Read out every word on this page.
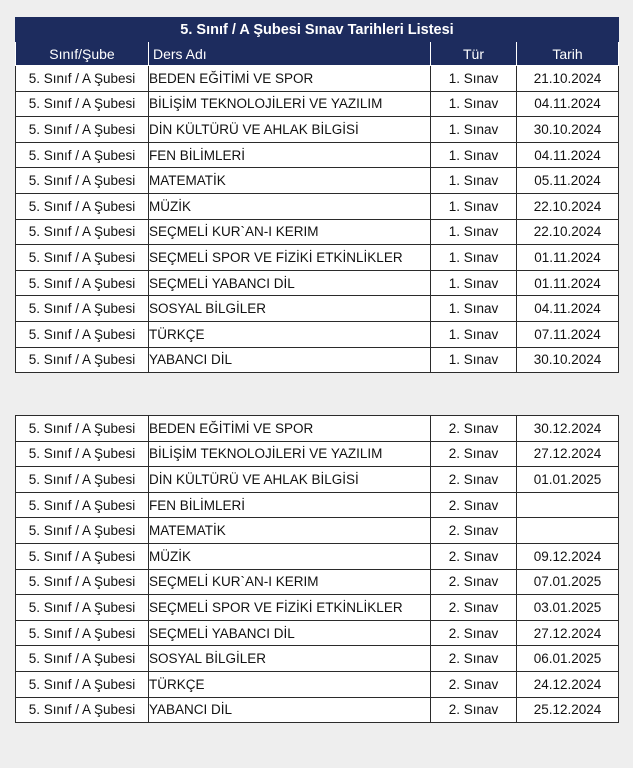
5. Sınıf / A Şubesi Sınav Tarihleri Listesi			
Sınıf/Şube	Ders Adı	Tür	Tarih
5. Sınıf / A Şubesi	BEDEN EĞİTİMİ VE SPOR	1. Sınav	21.10.2024
5. Sınıf / A Şubesi	BİLİŞİM TEKNOLOJİLERİ VE YAZILIM	1. Sınav	04.11.2024
5. Sınıf / A Şubesi	DİN KÜLTÜRÜ VE AHLAK BİLGİSİ	1. Sınav	30.10.2024
5. Sınıf / A Şubesi	FEN BİLİMLERİ	1. Sınav	04.11.2024
5. Sınıf / A Şubesi	MATEMATİK	1. Sınav	05.11.2024
5. Sınıf / A Şubesi	MÜZİK	1. Sınav	22.10.2024
5. Sınıf / A Şubesi	SEÇMELİ KUR`AN-I KERIM	1. Sınav	22.10.2024
5. Sınıf / A Şubesi	SEÇMELİ SPOR VE FİZİKİ ETKİNLİKLER	1. Sınav	01.11.2024
5. Sınıf / A Şubesi	SEÇMELİ YABANCI DİL	1. Sınav	01.11.2024
5. Sınıf / A Şubesi	SOSYAL BİLGİLER	1. Sınav	04.11.2024
5. Sınıf / A Şubesi	TÜRKÇE	1. Sınav	07.11.2024
5. Sınıf / A Şubesi	YABANCI DİL	1. Sınav	30.10.2024
5. Sınıf / A Şubesi	BEDEN EĞİTİMİ VE SPOR	2. Sınav	30.12.2024
5. Sınıf / A Şubesi	BİLİŞİM TEKNOLOJİLERİ VE YAZILIM	2. Sınav	27.12.2024
5. Sınıf / A Şubesi	DİN KÜLTÜRÜ VE AHLAK BİLGİSİ	2. Sınav	01.01.2025
5. Sınıf / A Şubesi	FEN BİLİMLERİ	2. Sınav	
5. Sınıf / A Şubesi	MATEMATİK	2. Sınav	
5. Sınıf / A Şubesi	MÜZİK	2. Sınav	09.12.2024
5. Sınıf / A Şubesi	SEÇMELİ KUR`AN-I KERIM	2. Sınav	07.01.2025
5. Sınıf / A Şubesi	SEÇMELİ SPOR VE FİZİKİ ETKİNLİKLER	2. Sınav	03.01.2025
5. Sınıf / A Şubesi	SEÇMELİ YABANCI DİL	2. Sınav	27.12.2024
5. Sınıf / A Şubesi	SOSYAL BİLGİLER	2. Sınav	06.01.2025
5. Sınıf / A Şubesi	TÜRKÇE	2. Sınav	24.12.2024
5. Sınıf / A Şubesi	YABANCI DİL	2. Sınav	25.12.2024
